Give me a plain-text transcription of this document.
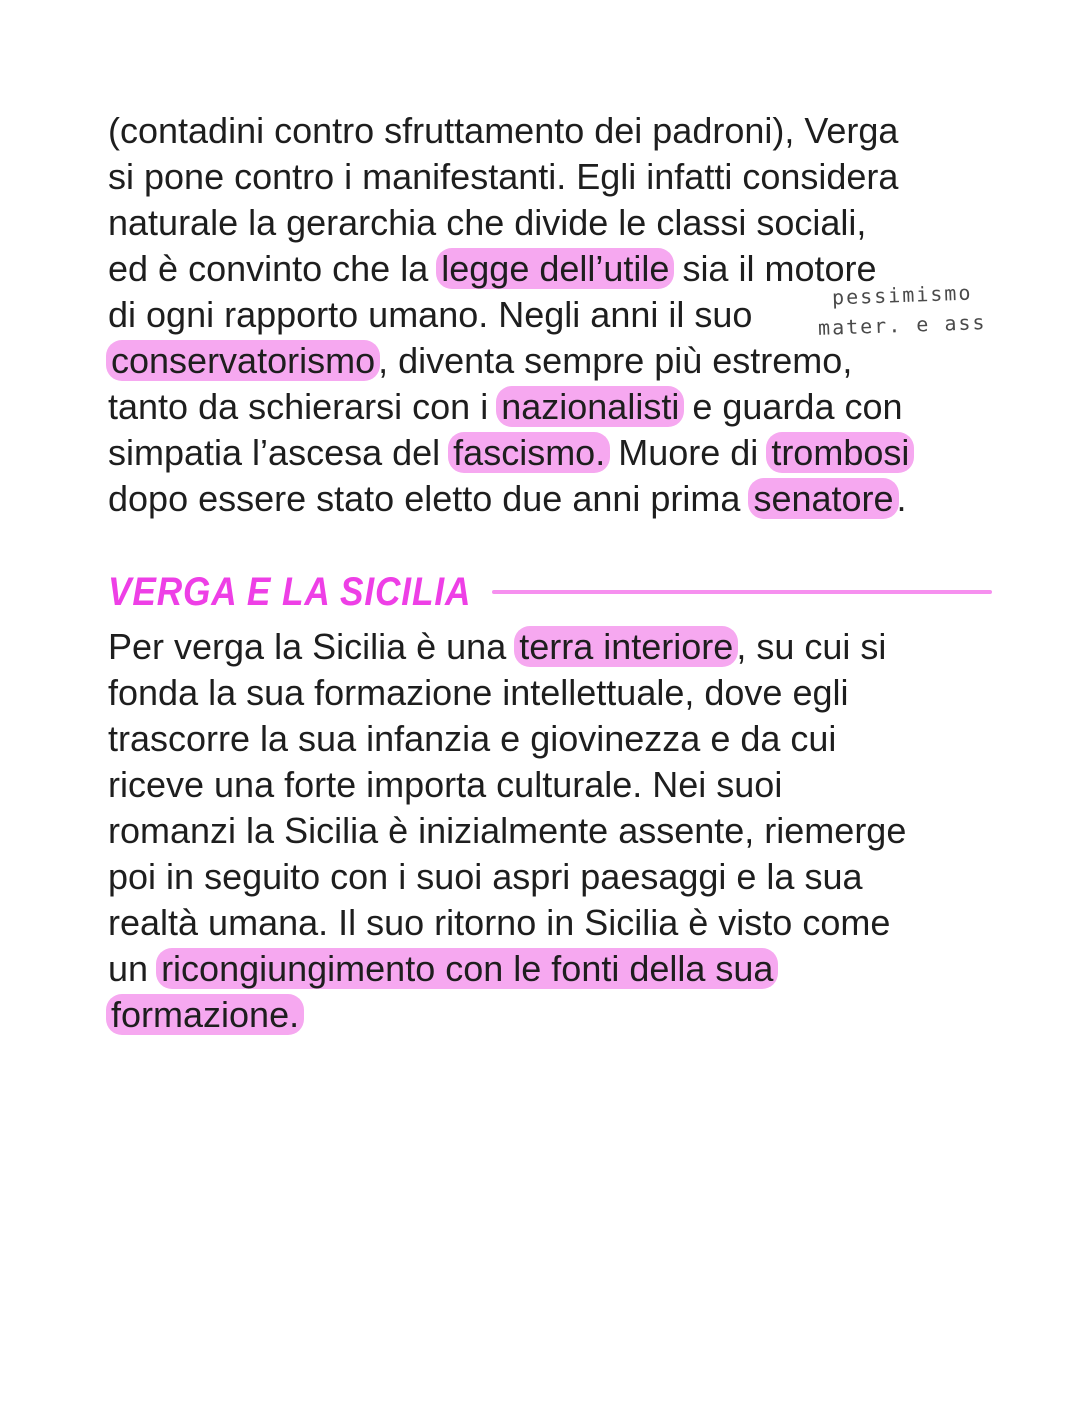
(contadini contro sfruttamento dei padroni), Verga
si pone contro i manifestanti. Egli infatti considera
naturale la gerarchia che divide le classi sociali,
ed è convinto che la legge dell’utile sia il motore
di ogni rapporto umano. Negli anni il suo
conservatorismo, diventa sempre più estremo,
tanto da schierarsi con i nazionalisti e guarda con
simpatia l’ascesa del fascismo. Muore di trombosi
dopo essere stato eletto due anni prima senatore.
pessimismo
mater. e ass
VERGA E LA SICILIA
Per verga la Sicilia è una terra interiore, su cui si
fonda la sua formazione intellettuale, dove egli
trascorre la sua infanzia e giovinezza e da cui
riceve una forte importa culturale. Nei suoi
romanzi la Sicilia è inizialmente assente, riemerge
poi in seguito con i suoi aspri paesaggi e la sua
realtà umana. Il suo ritorno in Sicilia è visto come
un ricongiungimento con le fonti della sua
formazione.
